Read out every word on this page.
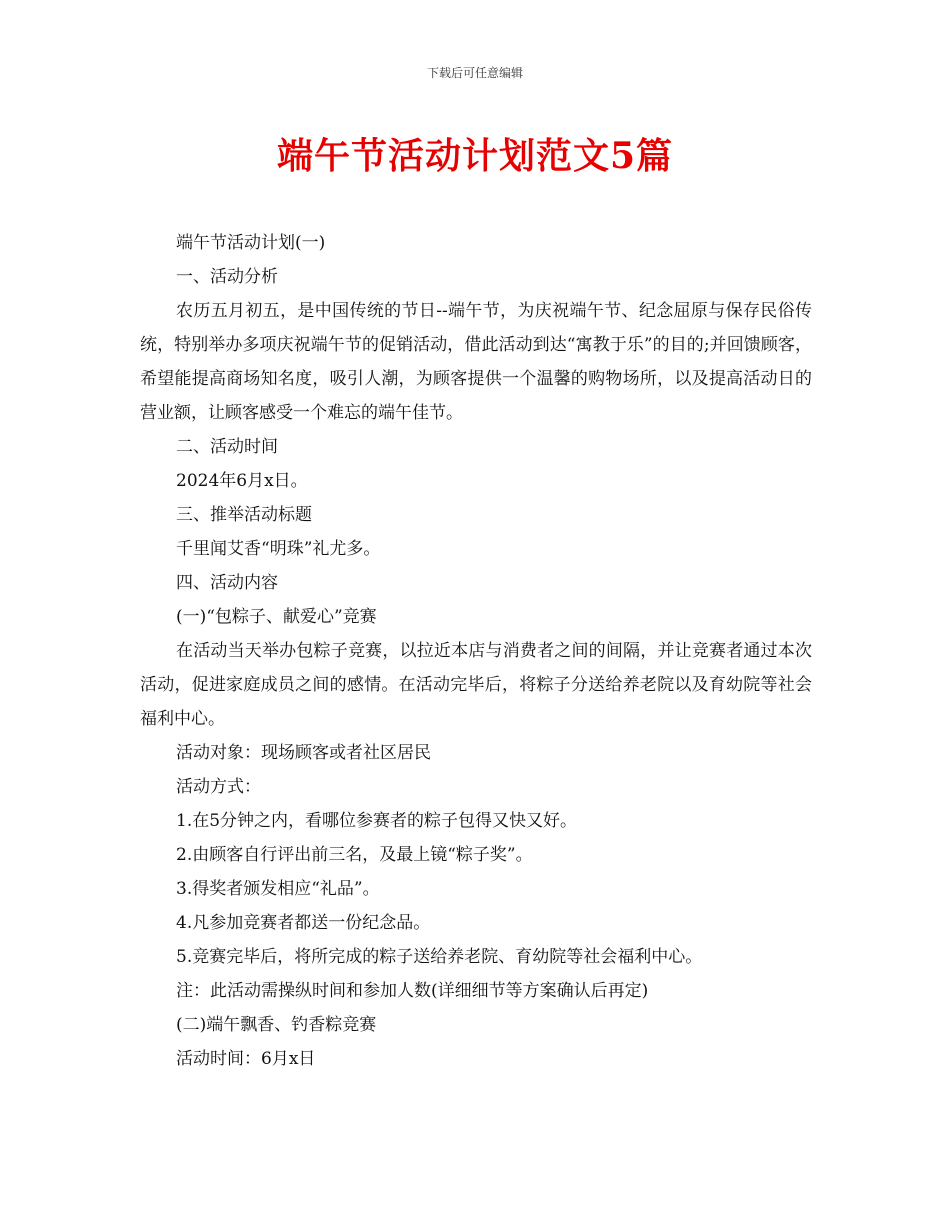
下载后可任意编辑
端午节活动计划范文5篇

端午节活动计划(一)

一、活动分析

农历五月初五，是中国传统的节日--端午节，为庆祝端午节、纪念屈原与保存民俗传统，特别举办多项庆祝端午节的促销活动，借此活动到达“寓教于乐”的目的;并回馈顾客，希望能提高商场知名度，吸引人潮，为顾客提供一个温馨的购物场所，以及提高活动日的营业额，让顾客感受一个难忘的端午佳节。

二、活动时间

2024年6月x日。

三、推举活动标题

千里闻艾香“明珠”礼尤多。

四、活动内容

(一)“包粽子、献爱心”竞赛

在活动当天举办包粽子竞赛，以拉近本店与消费者之间的间隔，并让竞赛者通过本次活动，促进家庭成员之间的感情。在活动完毕后，将粽子分送给养老院以及育幼院等社会福利中心。

活动对象：现场顾客或者社区居民

活动方式：

1.在5分钟之内，看哪位参赛者的粽子包得又快又好。

2.由顾客自行评出前三名，及最上镜“粽子奖”。

3.得奖者颁发相应“礼品”。

4.凡参加竞赛者都送一份纪念品。

5.竞赛完毕后，将所完成的粽子送给养老院、育幼院等社会福利中心。

注：此活动需操纵时间和参加人数(详细细节等方案确认后再定)

(二)端午飘香、钓香粽竞赛

活动时间：6月x日
